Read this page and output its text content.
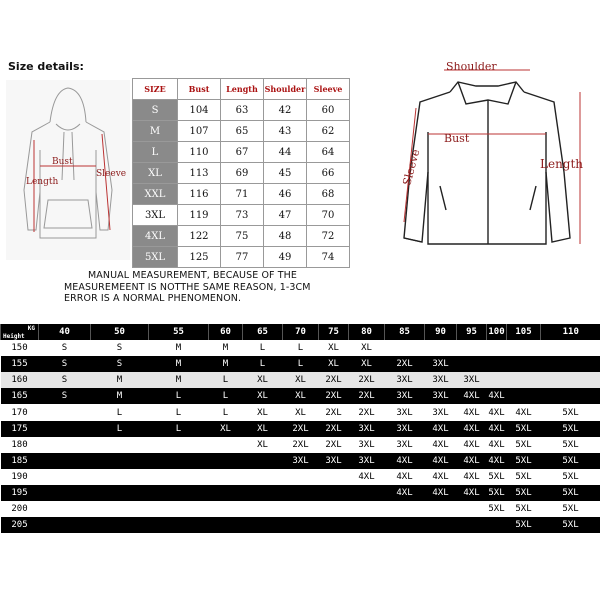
Size details:
Bust
Length
Sleeve
SIZE	Bust	Length	Shoulder	Sleeve
S	104	63	42	60
M	107	65	43	62
L	110	67	44	64
XL	113	69	45	66
XXL	116	71	46	68
3XL	119	73	47	70
4XL	122	75	48	72
5XL	125	77	49	74
Shoulder
Bust
Sleeve	Length
MANUAL MEASUREMENT, BECAUSE OF THE
MEASUREMEENT IS NOTTHE SAME REASON, 1-3CM
ERROR IS A NORMAL PHENOMENON.
Height
KG	40	50	55	60	65	70	75	80	85	90	95	100	105	110
150	S	S	M	M	L	L	XL	XL						
155	S	S	M	M	L	L	XL	XL	2XL	3XL				
160	S	M	M	L	XL	XL	2XL	2XL	3XL	3XL	3XL			
165	S	M	L	L	XL	XL	2XL	2XL	3XL	3XL	4XL	4XL		
170		L	L	L	XL	XL	2XL	2XL	3XL	3XL	4XL	4XL	4XL	5XL
175		L	L	XL	XL	2XL	2XL	3XL	3XL	4XL	4XL	4XL	5XL	5XL
180					XL	2XL	2XL	3XL	3XL	4XL	4XL	4XL	5XL	5XL
185						3XL	3XL	3XL	4XL	4XL	4XL	4XL	5XL	5XL
190								4XL	4XL	4XL	4XL	5XL	5XL	5XL
195									4XL	4XL	4XL	5XL	5XL	5XL
200												5XL	5XL	5XL
205													5XL	5XL
